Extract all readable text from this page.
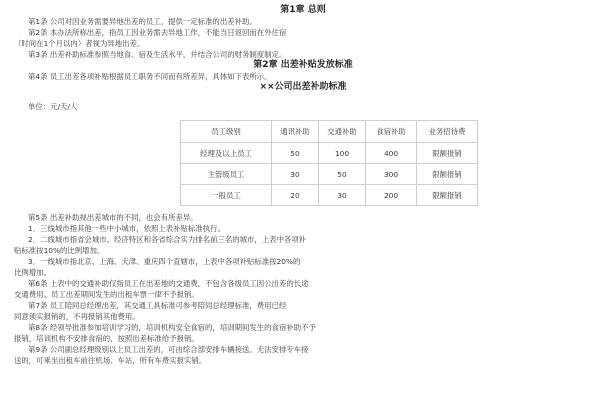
第1章 总则

第1条 公司对因业务需要异地出差的员工，提供一定标准的出差补助。

第2条 本办法所称出差，指员工因业务需去异地工作，不能当日返回而在外住宿
（时间在1个月以内）者视为异地出差。

第3条 出差补助标准参照当地食、宿及生活水平，并结合公司的财务制度制定。

第2章 出差补贴发放标准

第4条 员工出差各项补贴根据员工职务不同而有所差异，具体如下表所示。

××公司出差补助标准

单位：元/天/人

员工级别	通讯补助	交通补助	食宿补助	业务招待费
经理及以上员工	50	100	400	限额报销
主管级员工	30	50	300	限额报销
一般员工	20	30	200	限额报销

第5条 出差补助视出差城市的不同，也会有所差异。

1．三线城市指其他一些中小城市，依照上表补贴标准执行。

2．二线城市指省会城市、经济特区和各省综合实力排名前三名的城市，上表中各项补
贴标准按10%的比例增加。

3．一线城市指北京、上海、天津、重庆四个直辖市，上表中各项补贴标准按20%的
比例增加。

第6条 上表中的交通补助仅指员工在出差地的交通费，不包含各级员工因公出差的长途
交通费用。员工出差期间发生的出租车票一律不予报销。

第7条 员工陪同总经理出差，其交通工具标准可参考陪同总经理标准，费用已经
同意须实报销的，不再报销其他费用。

第8条 经领导批准参加培训学习的，培训机构安全食宿的，培训期间发生的食宿补助不予
报销，培训机构不安排食宿的，按照出差标准给予报销。

第9条 公司副总经理级别以上员工出差的，可由综合部安排车辆接送。无法安排专车接
送的，可乘坐出租车前往机场、车站，所有车费实报实销。
